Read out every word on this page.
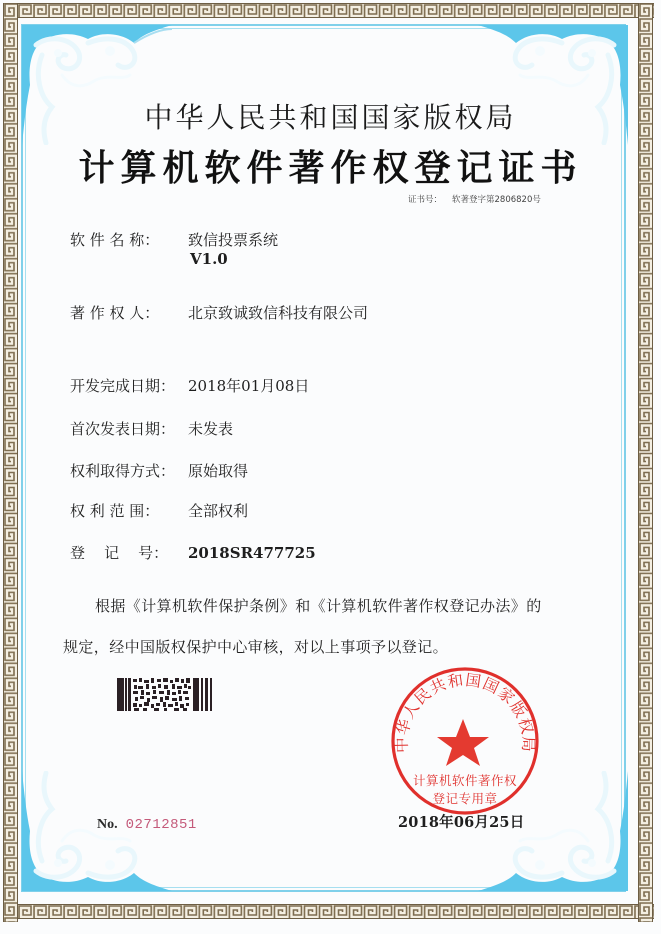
中华人民共和国国家版权局
计算机软件著作权登记证书
证书号： 软著登字第2806820号
软 件 名 称： 致信投票系统
V1.0
著 作 权 人： 北京致诚致信科技有限公司
开发完成日期： 2018年01月08日
首次发表日期： 未发表
权利取得方式： 原始取得
权 利 范 围： 全部权利
登    记    号： 2018SR477725
根据《计算机软件保护条例》和《计算机软件著作权登记办法》的
规定，经中国版权保护中心审核，对以上事项予以登记。
No. 02712851
中华人民共和国国家版权局
计算机软件著作权
登记专用章
2018年06月25日
